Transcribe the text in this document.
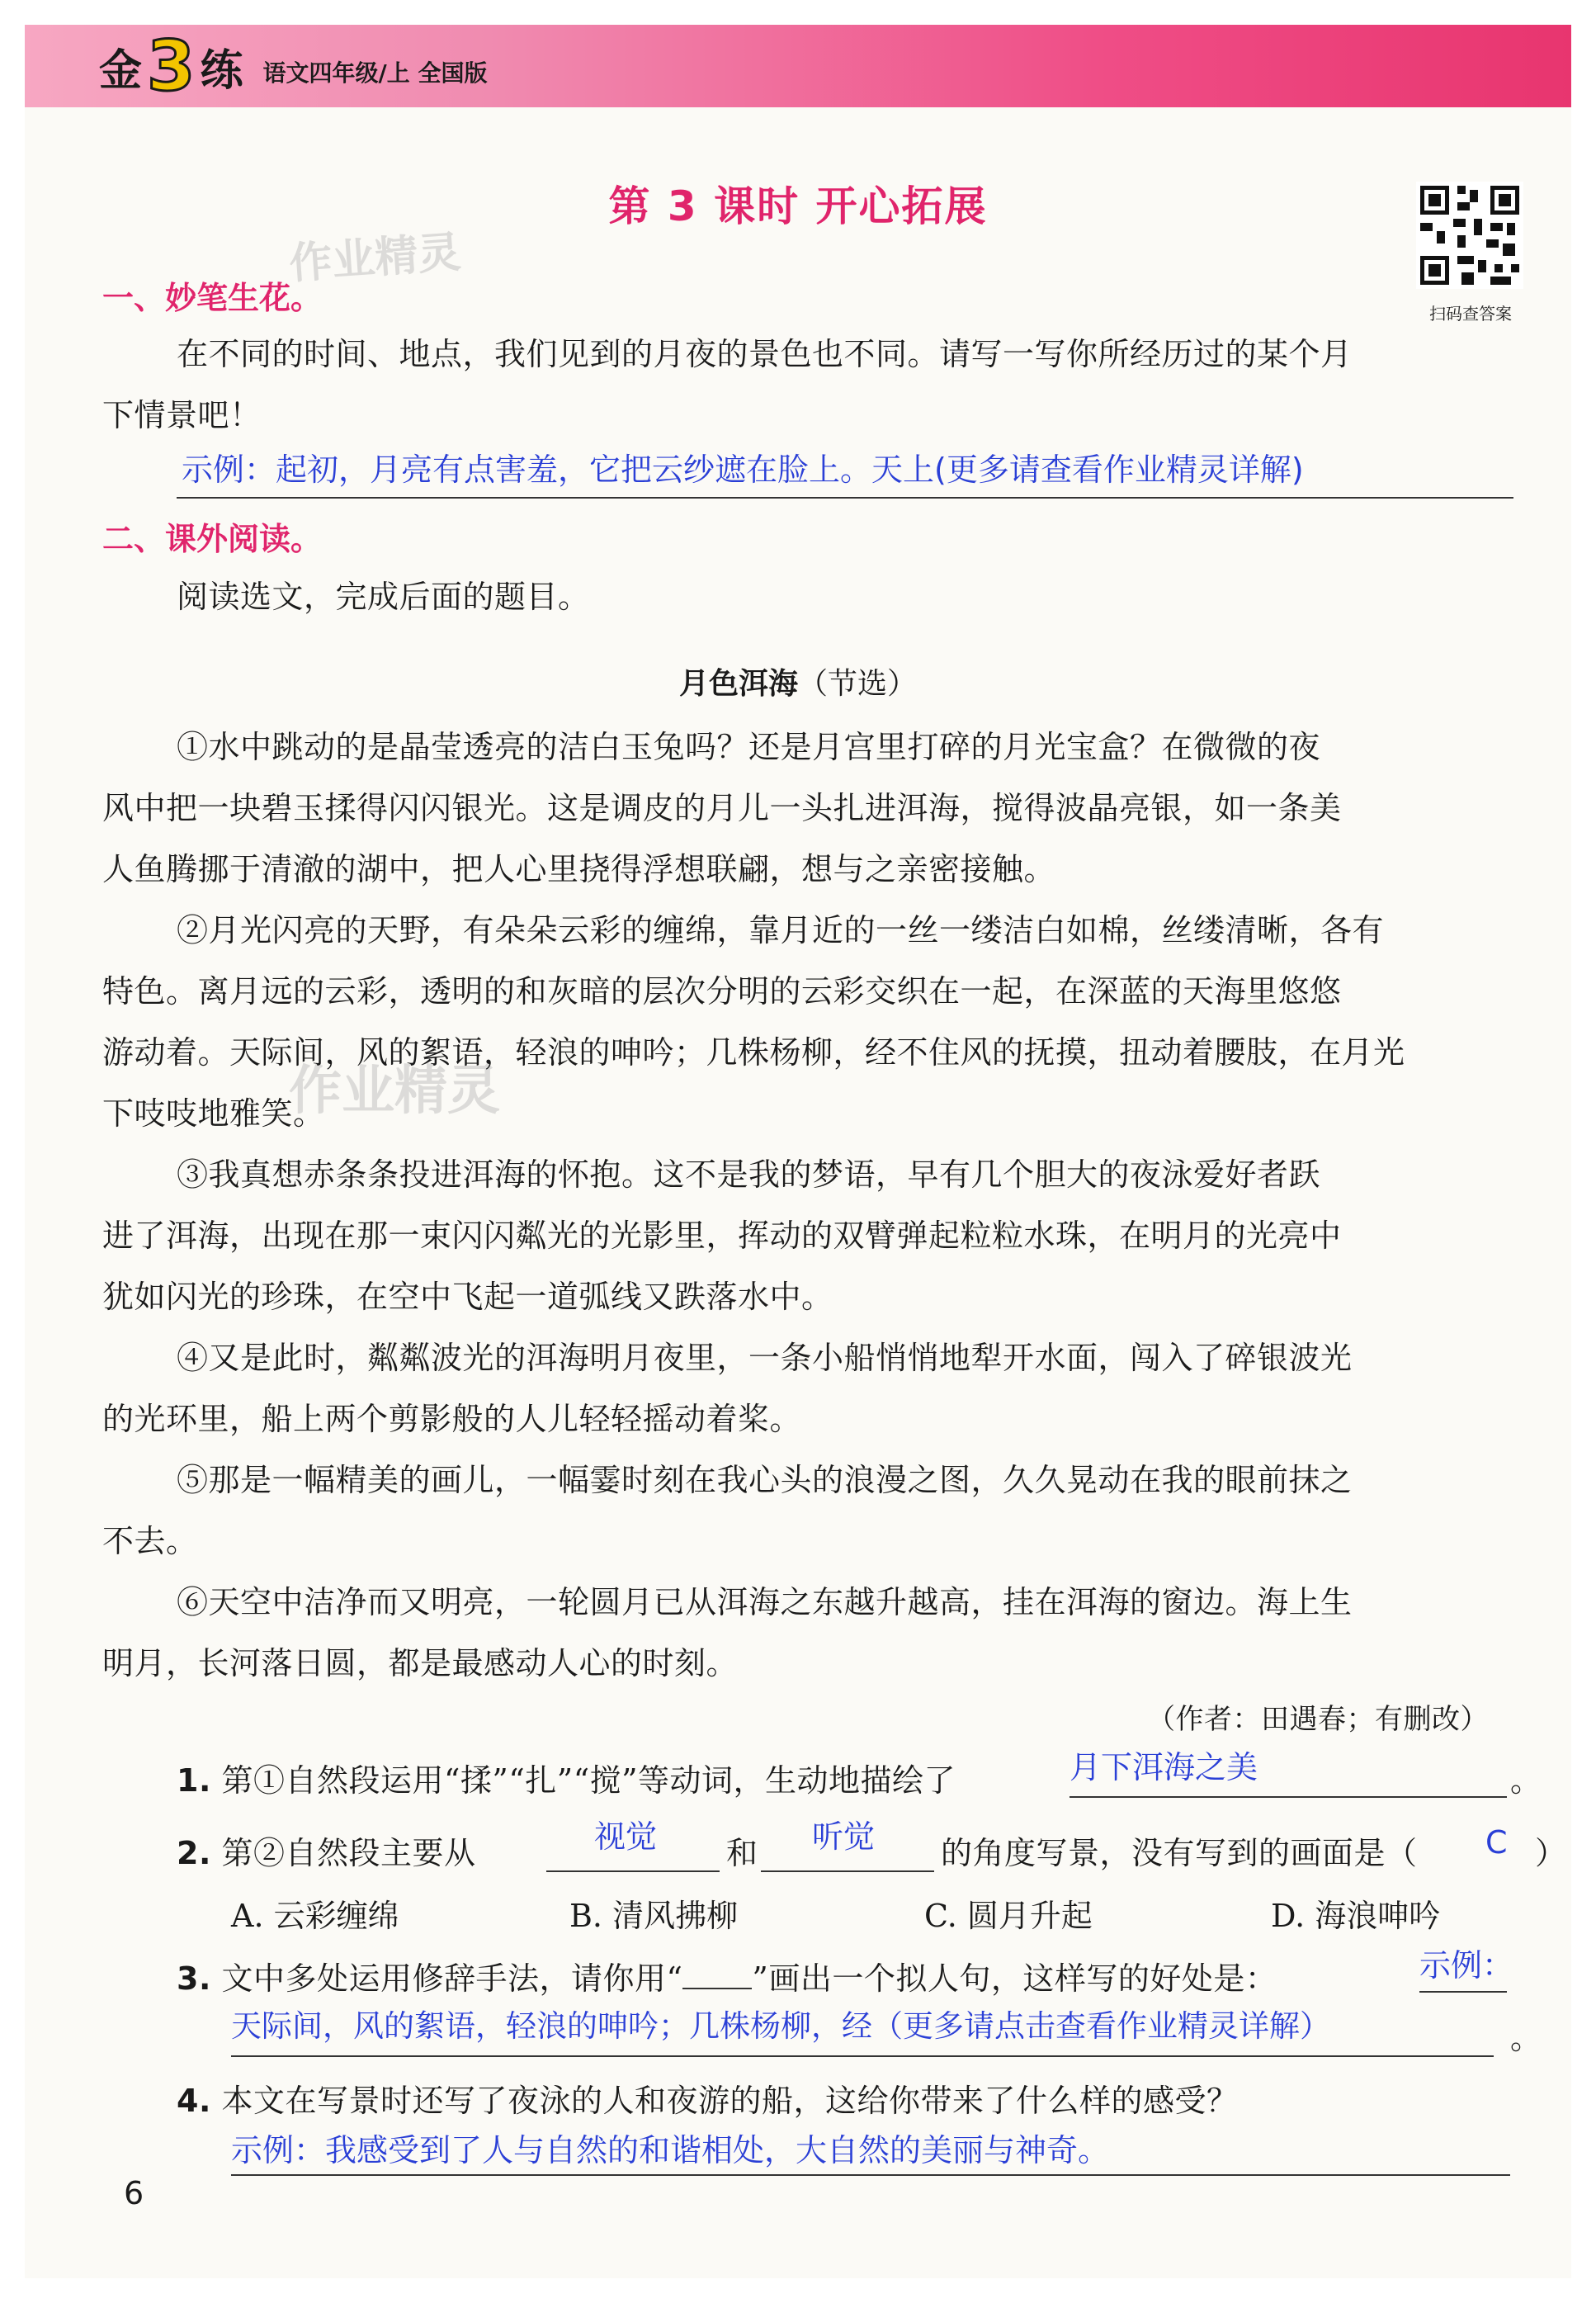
金 3 练 语文四年级/上 全国版
第 3 课时 开心拓展
扫码查答案
作业精灵
作业精灵
一、妙笔生花。
在不同的时间、地点，我们见到的月夜的景色也不同。请写一写你所经历过的某个月
下情景吧！
示例：起初，月亮有点害羞，它把云纱遮在脸上。天上(更多请查看作业精灵详解)
二、课外阅读。
阅读选文，完成后面的题目。
月色洱海（节选）
①水中跳动的是晶莹透亮的洁白玉兔吗？还是月宫里打碎的月光宝盒？在微微的夜
风中把一块碧玉揉得闪闪银光。这是调皮的月儿一头扎进洱海，搅得波晶亮银，如一条美
人鱼腾挪于清澈的湖中，把人心里挠得浮想联翩，想与之亲密接触。
②月光闪亮的天野，有朵朵云彩的缠绵，靠月近的一丝一缕洁白如棉，丝缕清晰，各有
特色。离月远的云彩，透明的和灰暗的层次分明的云彩交织在一起，在深蓝的天海里悠悠
游动着。天际间，风的絮语，轻浪的呻吟；几株杨柳，经不住风的抚摸，扭动着腰肢，在月光
下吱吱地雅笑。
③我真想赤条条投进洱海的怀抱。这不是我的梦语，早有几个胆大的夜泳爱好者跃
进了洱海，出现在那一束闪闪粼光的光影里，挥动的双臂弹起粒粒水珠，在明月的光亮中
犹如闪光的珍珠，在空中飞起一道弧线又跌落水中。
④又是此时，粼粼波光的洱海明月夜里，一条小船悄悄地犁开水面，闯入了碎银波光
的光环里，船上两个剪影般的人儿轻轻摇动着桨。
⑤那是一幅精美的画儿，一幅霎时刻在我心头的浪漫之图，久久晃动在我的眼前抹之
不去。
⑥天空中洁净而又明亮，一轮圆月已从洱海之东越升越高，挂在洱海的窗边。海上生
明月，长河落日圆，都是最感动人心的时刻。
（作者：田遇春；有删改）
1. 第①自然段运用“揉”“扎”“搅”等动词，生动地描绘了	月下洱海之美	。
2. 第②自然段主要从	视觉 和 听觉 的角度写景，没有写到的画面是（ C ）
A. 云彩缠绵	B. 清风拂柳	C. 圆月升起	D. 海浪呻吟
3. 文中多处运用修辞手法，请你用“ ”画出一个拟人句，这样写的好处是：	示例：
天际间，风的絮语，轻浪的呻吟；几株杨柳，经（更多请点击查看作业精灵详解）	。
4. 本文在写景时还写了夜泳的人和夜游的船，这给你带来了什么样的感受？
示例：我感受到了人与自然的和谐相处，大自然的美丽与神奇。
6
